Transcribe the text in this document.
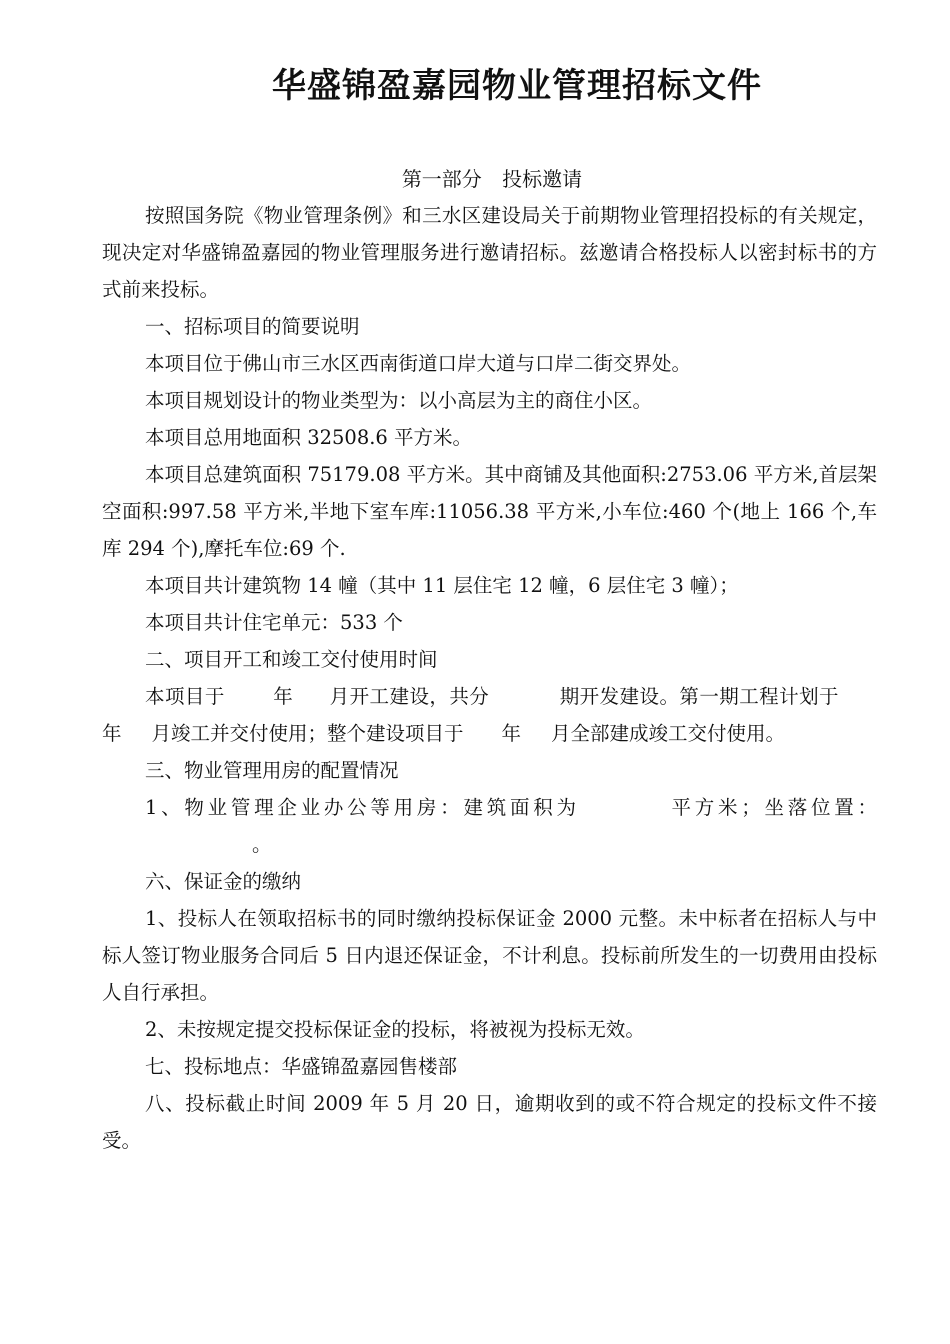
华盛锦盈嘉园物业管理招标文件
第一部分 投标邀请

按照国务院《物业管理条例》和三水区建设局关于前期物业管理招投标的有关规定，现决定对华盛锦盈嘉园的物业管理服务进行邀请招标。兹邀请合格投标人以密封标书的方式前来投标。

一、招标项目的简要说明

本项目位于佛山市三水区西南街道口岸大道与口岸二街交界处。

本项目规划设计的物业类型为：以小高层为主的商住小区。

本项目总用地面积 32508.6 平方米。

本项目总建筑面积 75179.08 平方米。其中商铺及其他面积:2753.06 平方米,首层架空面积:997.58 平方米,半地下室车库:11056.38 平方米,小车位:460 个(地上 166 个,车库 294 个),摩托车位:69 个.

本项目共计建筑物 14 幢（其中 11 层住宅 12 幢，6 层住宅 3 幢）；

本项目共计住宅单元：533 个

二、项目开工和竣工交付使用时间

本项目于 年 月开工建设，共分	期开发建设。第一期工程计划于年 月竣工并交付使用；整个建设项目于 年 月全部建成竣工交付使用。

三、物业管理用房的配置情况

1、物业管理企业办公等用房：建筑面积为	平方米；坐落位置：。

六、保证金的缴纳

1、投标人在领取招标书的同时缴纳投标保证金 2000 元整。未中标者在招标人与中标人签订物业服务合同后 5 日内退还保证金，不计利息。投标前所发生的一切费用由投标人自行承担。

2、未按规定提交投标保证金的投标，将被视为投标无效。

七、投标地点：华盛锦盈嘉园售楼部

八、投标截止时间 2009 年 5 月 20 日，逾期收到的或不符合规定的投标文件不接受。
